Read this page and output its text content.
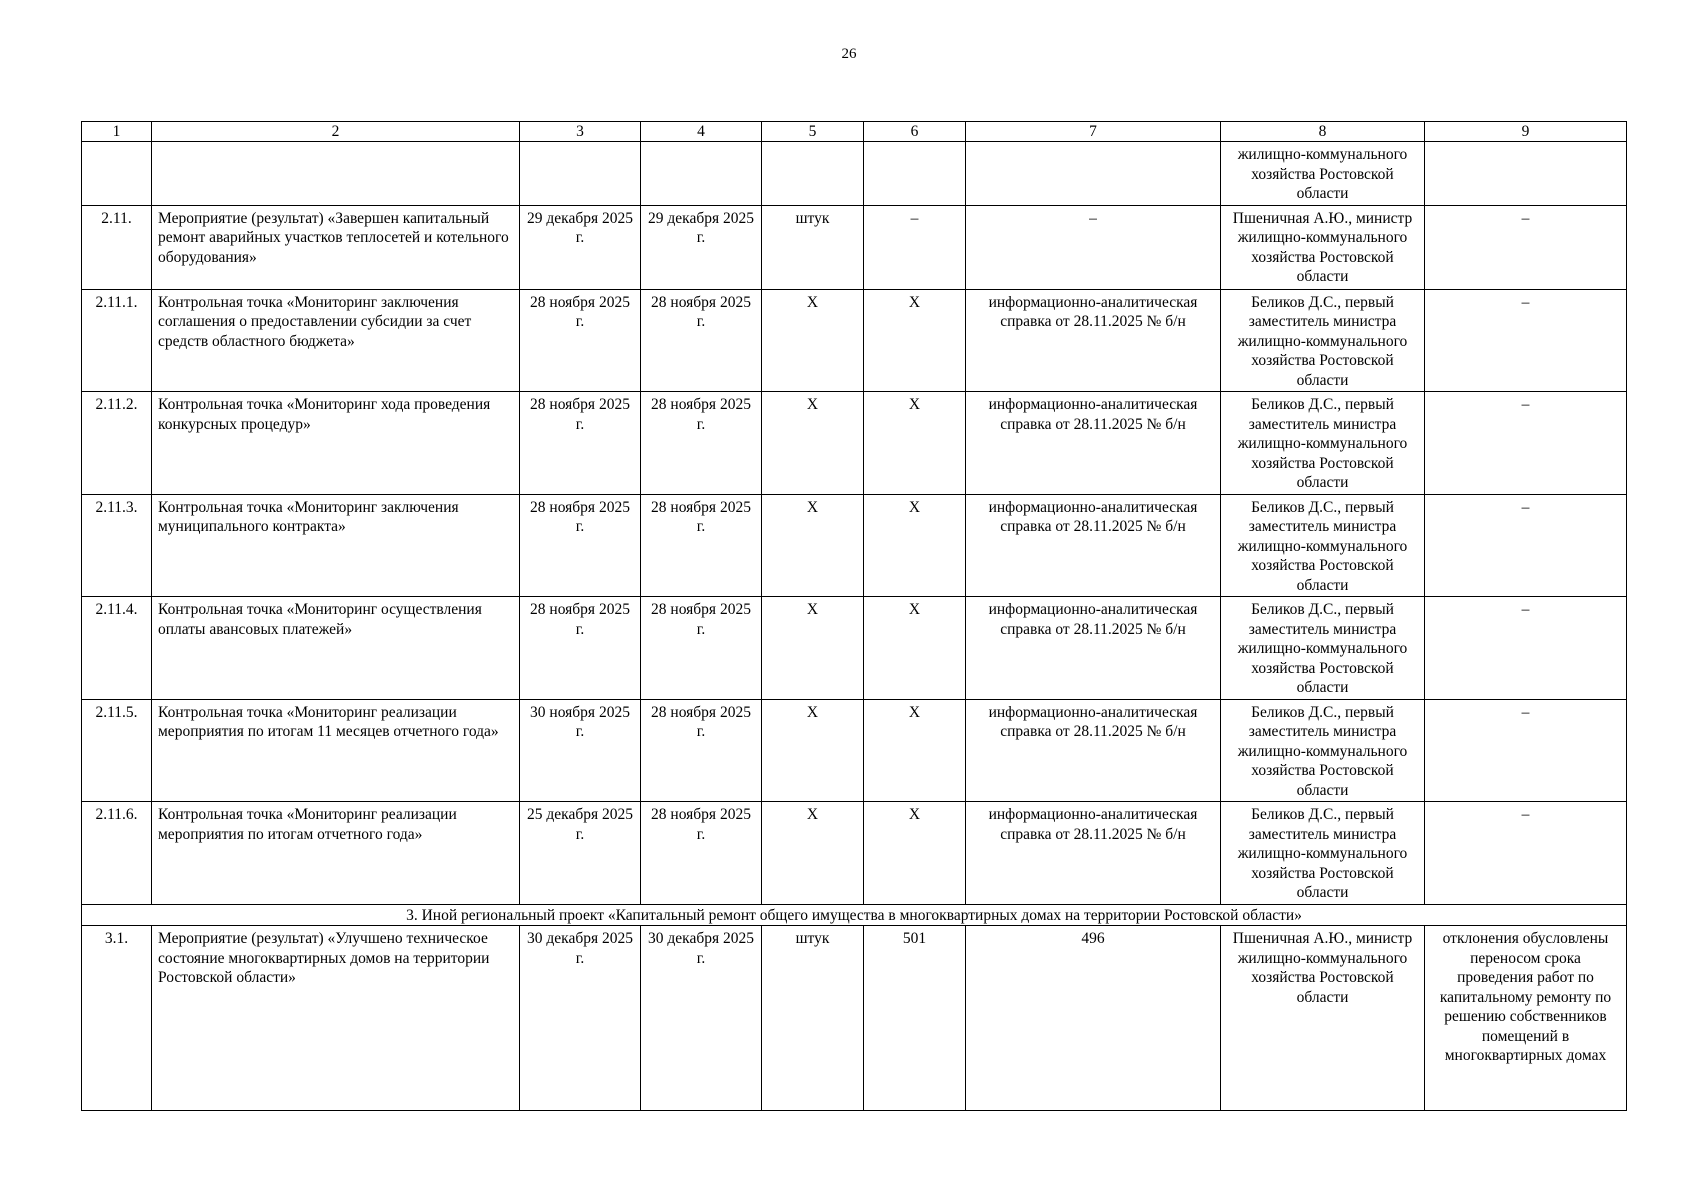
26
1	2	3	4	5	6	7	8	9
							жилищно-коммунального хозяйства Ростовской области	
2.11.	Мероприятие (результат) «Завершен капитальный ремонт аварийных участков теплосетей и котельного оборудования»	29 декабря 2025 г.	29 декабря 2025 г.	штук	–	–	Пшеничная А.Ю., министр жилищно-коммунального хозяйства Ростовской области	–
2.11.1.	Контрольная точка «Мониторинг заключения соглашения о предоставлении субсидии за счет средств областного бюджета»	28 ноября 2025 г.	28 ноября 2025 г.	Х	Х	информационно-аналитическая справка от 28.11.2025 № б/н	Беликов Д.С., первый заместитель министра жилищно-коммунального хозяйства Ростовской области	–
2.11.2.	Контрольная точка «Мониторинг хода проведения конкурсных процедур»	28 ноября 2025 г.	28 ноября 2025 г.	Х	Х	информационно-аналитическая справка от 28.11.2025 № б/н	Беликов Д.С., первый заместитель министра жилищно-коммунального хозяйства Ростовской области	–
2.11.3.	Контрольная точка «Мониторинг заключения муниципального контракта»	28 ноября 2025 г.	28 ноября 2025 г.	Х	Х	информационно-аналитическая справка от 28.11.2025 № б/н	Беликов Д.С., первый заместитель министра жилищно-коммунального хозяйства Ростовской области	–
2.11.4.	Контрольная точка «Мониторинг осуществления оплаты авансовых платежей»	28 ноября 2025 г.	28 ноября 2025 г.	Х	Х	информационно-аналитическая справка от 28.11.2025 № б/н	Беликов Д.С., первый заместитель министра жилищно-коммунального хозяйства Ростовской области	–
2.11.5.	Контрольная точка «Мониторинг реализации мероприятия по итогам 11 месяцев отчетного года»	30 ноября 2025 г.	28 ноября 2025 г.	Х	Х	информационно-аналитическая справка от 28.11.2025 № б/н	Беликов Д.С., первый заместитель министра жилищно-коммунального хозяйства Ростовской области	–
2.11.6.	Контрольная точка «Мониторинг реализации мероприятия по итогам отчетного года»	25 декабря 2025 г.	28 ноября 2025 г.	Х	Х	информационно-аналитическая справка от 28.11.2025 № б/н	Беликов Д.С., первый заместитель министра жилищно-коммунального хозяйства Ростовской области	–
3. Иной региональный проект «Капитальный ремонт общего имущества в многоквартирных домах на территории Ростовской области»								
3.1.	Мероприятие (результат) «Улучшено техническое состояние многоквартирных домов на территории Ростовской области»	30 декабря 2025 г.	30 декабря 2025 г.	штук	501	496	Пшеничная А.Ю., министр жилищно-коммунального хозяйства Ростовской области	отклонения обусловлены переносом срока проведения работ по капитальному ремонту по решению собственников помещений в многоквартирных домах
